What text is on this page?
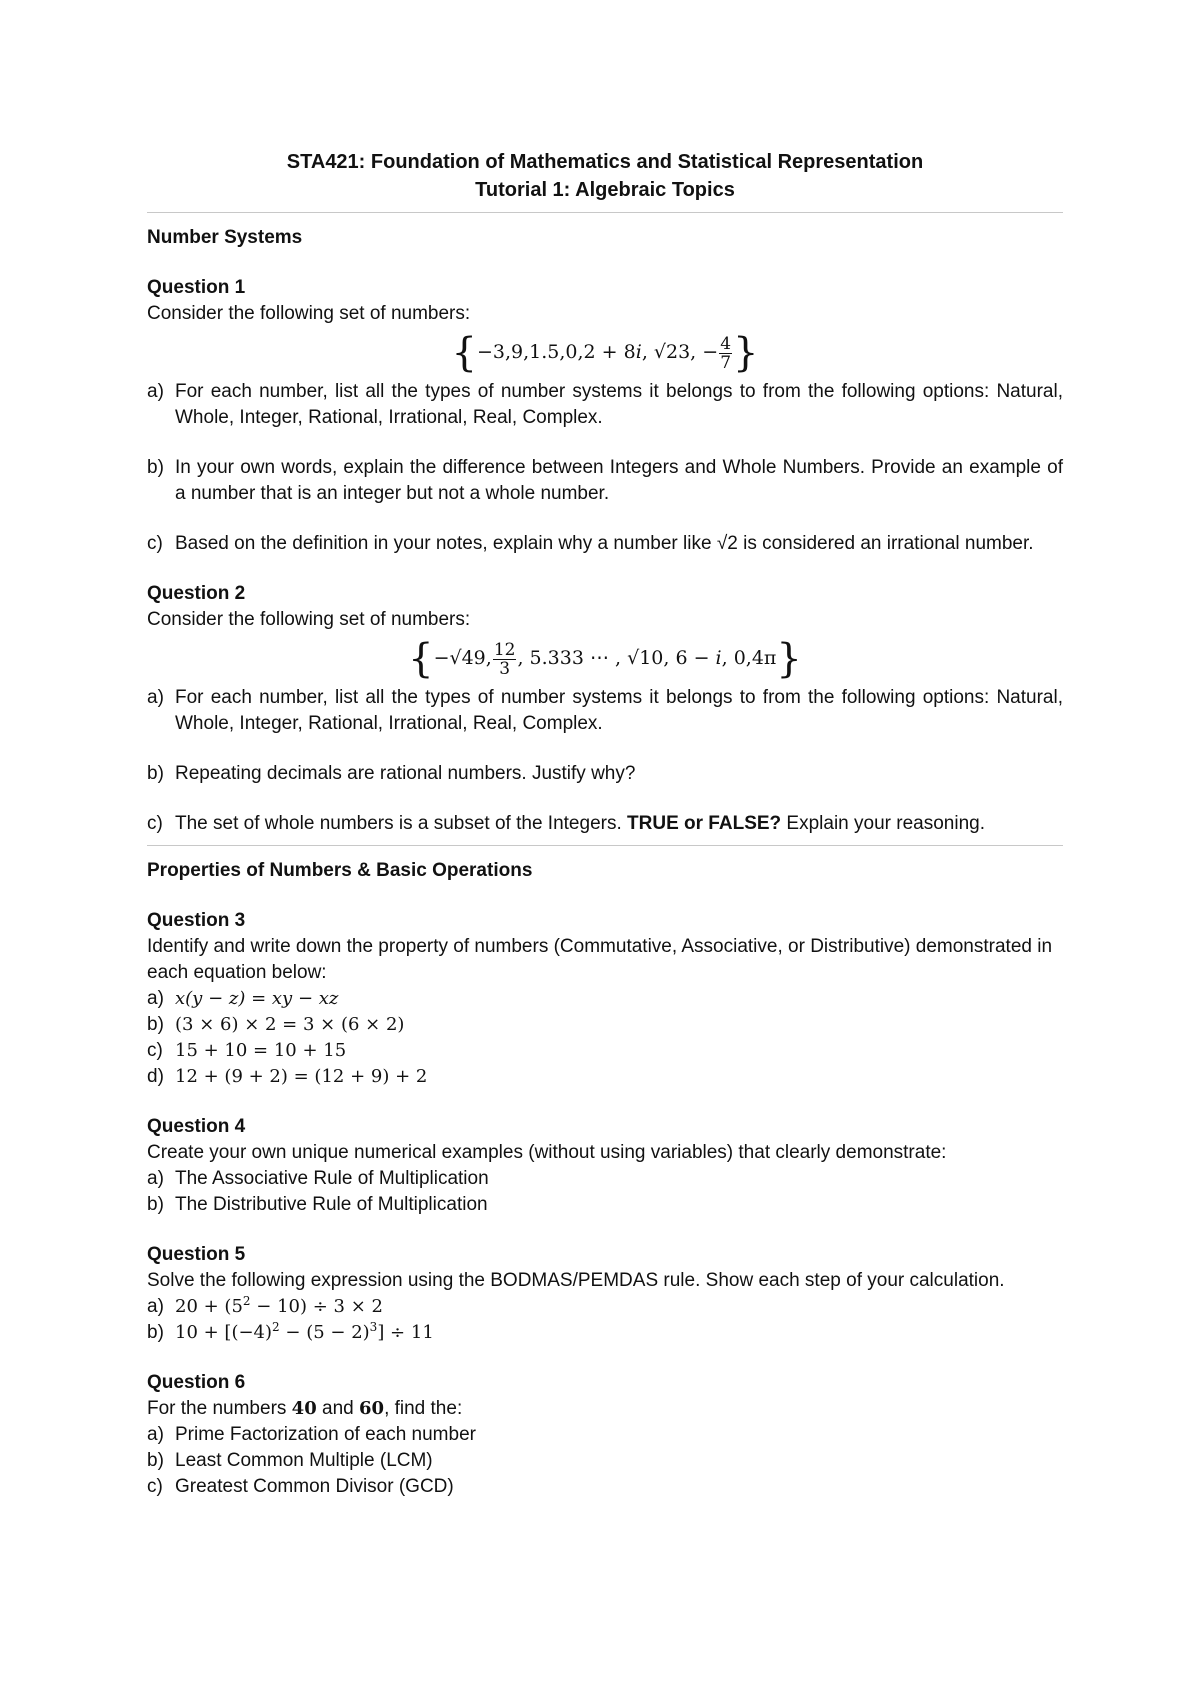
STA421: Foundation of Mathematics and Statistical Representation
Tutorial 1: Algebraic Topics

Number Systems

Question 1

Consider the following set of numbers:

{−3,9,1.5,0,2 + 8i, √23, − $\frac{4}{7}$ }
a) For each number, list all the types of number systems it belongs to from the following options: Natural, Whole, Integer, Rational, Irrational, Real, Complex.
b) In your own words, explain the difference between Integers and Whole Numbers. Provide an example of a number that is an integer but not a whole number.
c) Based on the definition in your notes, explain why a number like √2 is considered an irrational number.

Question 2

Consider the following set of numbers:

{−√49, $\frac{12}{3}$ , 5.333 ⋯ , √10, 6 − i, 0,4π}
a) For each number, list all the types of number systems it belongs to from the following options: Natural, Whole, Integer, Rational, Irrational, Real, Complex.
b) Repeating decimals are rational numbers. Justify why?
c) The set of whole numbers is a subset of the Integers. TRUE or FALSE? Explain your reasoning.

Properties of Numbers & Basic Operations

Question 3

Identify and write down the property of numbers (Commutative, Associative, or Distributive) demonstrated in each equation below:

a) x(y − z) = xy − xz
b) (3 × 6) × 2 = 3 × (6 × 2)
c) 15 + 10 = 10 + 15
d) 12 + (9 + 2) = (12 + 9) + 2

Question 4

Create your own unique numerical examples (without using variables) that clearly demonstrate:

a) The Associative Rule of Multiplication
b) The Distributive Rule of Multiplication

Question 5

Solve the following expression using the BODMAS/PEMDAS rule. Show each step of your calculation.

a) $20 + (5^2 - 10) \div 3 \times 2$
b) $10 + [(-4)^2 - (5 - 2)^3] \div 11$

Question 6

For the numbers 40 and 60, find the:

a) Prime Factorization of each number
b) Least Common Multiple (LCM)
c) Greatest Common Divisor (GCD)
